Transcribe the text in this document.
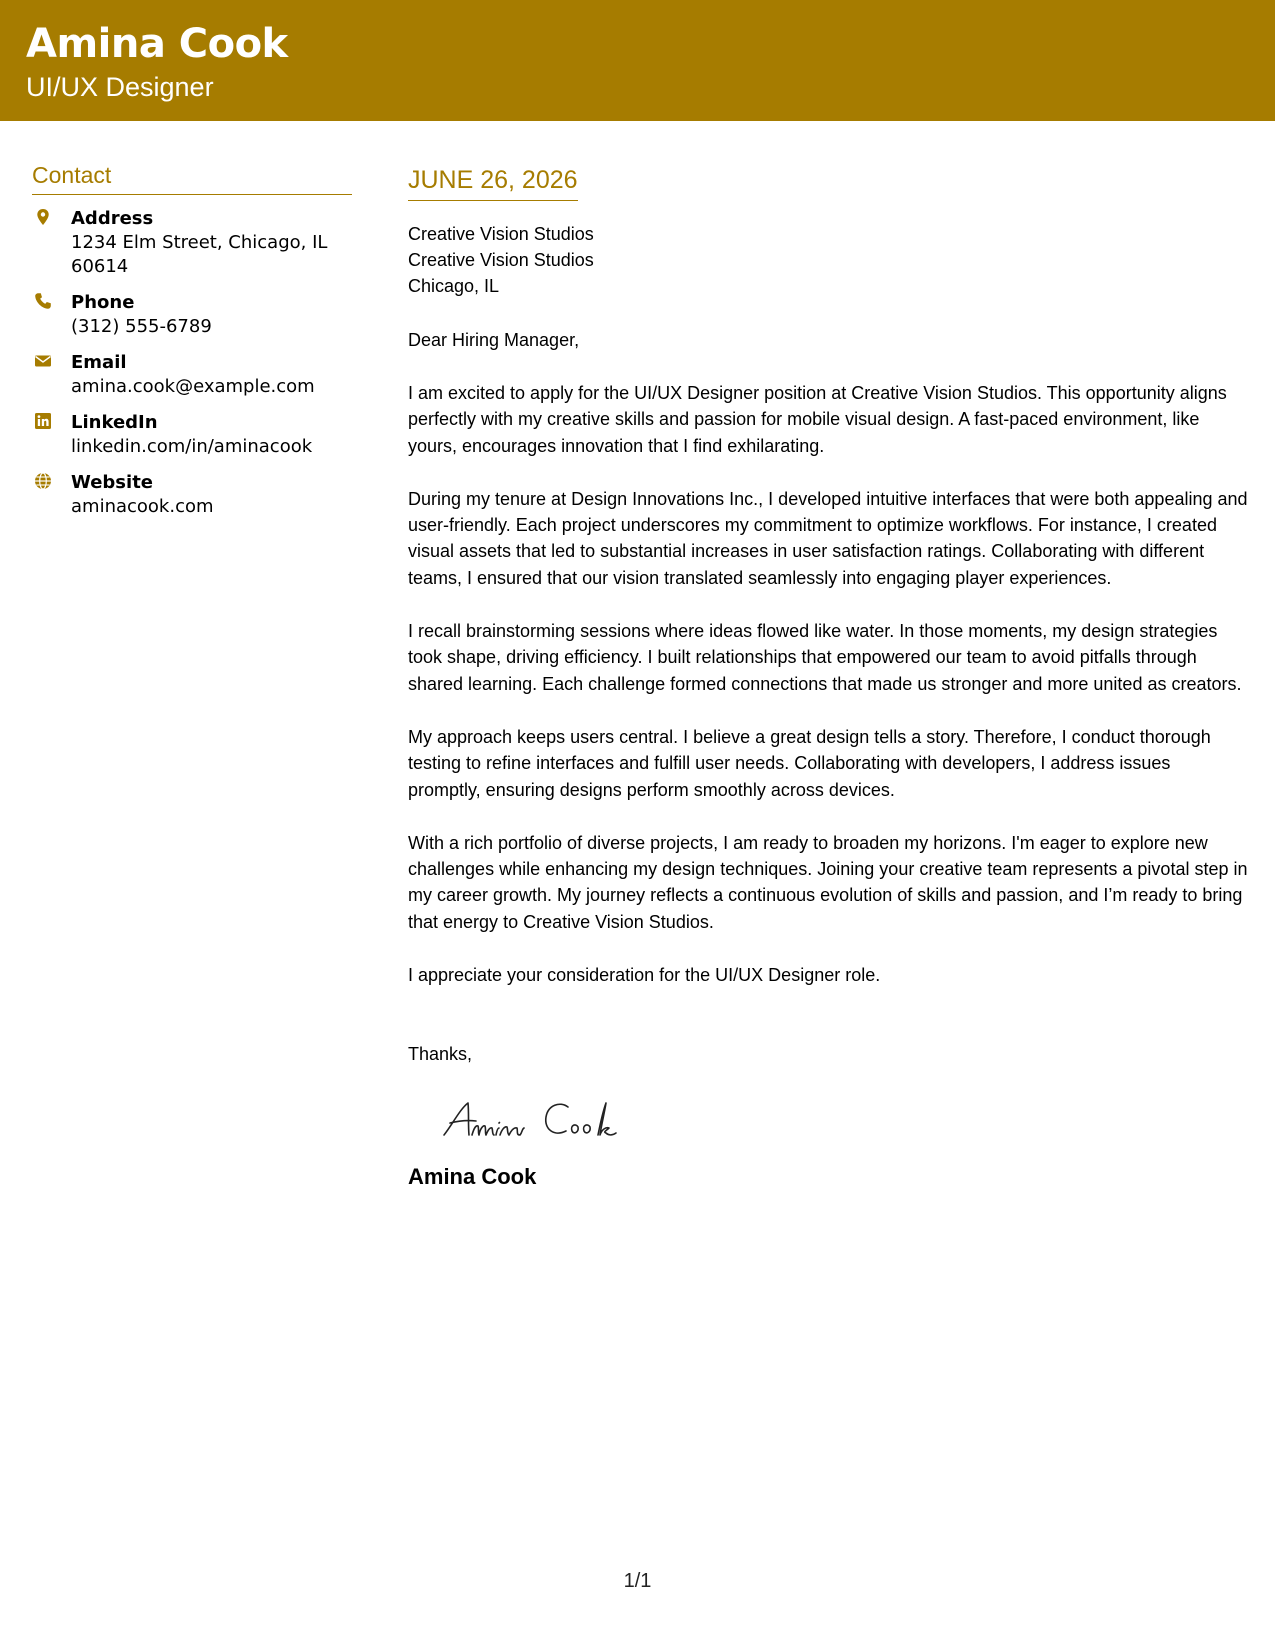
Amina Cook
UI/UX Designer
Contact
Address
1234 Elm Street, Chicago, IL 60614
Phone
(312) 555-6789
Email
amina.cook@example.com
LinkedIn
linkedin.com/in/aminacook
Website
aminacook.com
JUNE 26, 2026
Creative Vision Studios
Creative Vision Studios
Chicago, IL
Dear Hiring Manager,
I am excited to apply for the UI/UX Designer position at Creative Vision Studios. This opportunity aligns perfectly with my creative skills and passion for mobile visual design. A fast-paced environment, like yours, encourages innovation that I find exhilarating.
During my tenure at Design Innovations Inc., I developed intuitive interfaces that were both appealing and user-friendly. Each project underscores my commitment to optimize workflows. For instance, I created visual assets that led to substantial increases in user satisfaction ratings. Collaborating with different teams, I ensured that our vision translated seamlessly into engaging player experiences.
I recall brainstorming sessions where ideas flowed like water. In those moments, my design strategies took shape, driving efficiency. I built relationships that empowered our team to avoid pitfalls through shared learning. Each challenge formed connections that made us stronger and more united as creators.
My approach keeps users central. I believe a great design tells a story. Therefore, I conduct thorough testing to refine interfaces and fulfill user needs. Collaborating with developers, I address issues promptly, ensuring designs perform smoothly across devices.
With a rich portfolio of diverse projects, I am ready to broaden my horizons. I'm eager to explore new challenges while enhancing my design techniques. Joining your creative team represents a pivotal step in my career growth. My journey reflects a continuous evolution of skills and passion, and I’m ready to bring that energy to Creative Vision Studios.
I appreciate your consideration for the UI/UX Designer role.
Thanks,
Amina Cook
1/1
